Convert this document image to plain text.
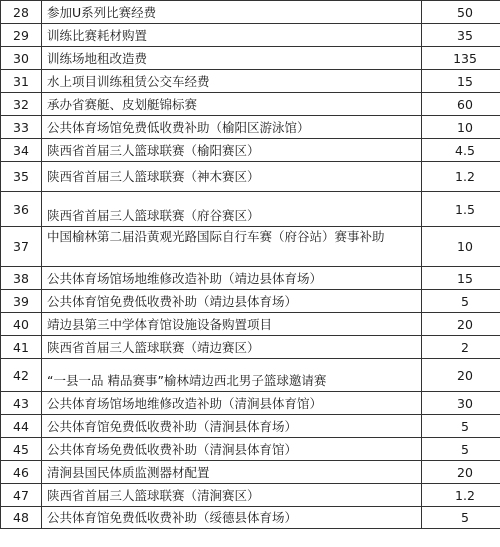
28	参加U系列比赛经费	50
29	训练比赛耗材购置	35
30	训练场地租改造费	135
31	水上项目训练租赁公交车经费	15
32	承办省赛艇、皮划艇锦标赛	60
33	公共体育场馆免费低收费补助（榆阳区游泳馆）	10
34	陕西省首届三人篮球联赛（榆阳赛区）	4.5
35	陕西省首届三人篮球联赛（神木赛区）	1.2
36	陕西省首届三人篮球联赛（府谷赛区）	1.5
37	中国榆林第二届沿黄观光路国际自行车赛（府谷站）赛事补助	10
38	公共体育场馆场地维修改造补助（靖边县体育场）	15
39	公共体育馆免费低收费补助（靖边县体育场）	5
40	靖边县第三中学体育馆设施设备购置项目	20
41	陕西省首届三人篮球联赛（靖边赛区）	2
42	“一县一品 精品赛事”榆林靖边西北男子篮球邀请赛	20
43	公共体育场馆场地维修改造补助（清涧县体育馆）	30
44	公共体育馆免费低收费补助（清涧县体育场）	5
45	公共体育场免费低收费补助（清涧县体育馆）	5
46	清涧县国民体质监测器材配置	20
47	陕西省首届三人篮球联赛（清涧赛区）	1.2
48	公共体育馆免费低收费补助（绥德县体育场）	5
